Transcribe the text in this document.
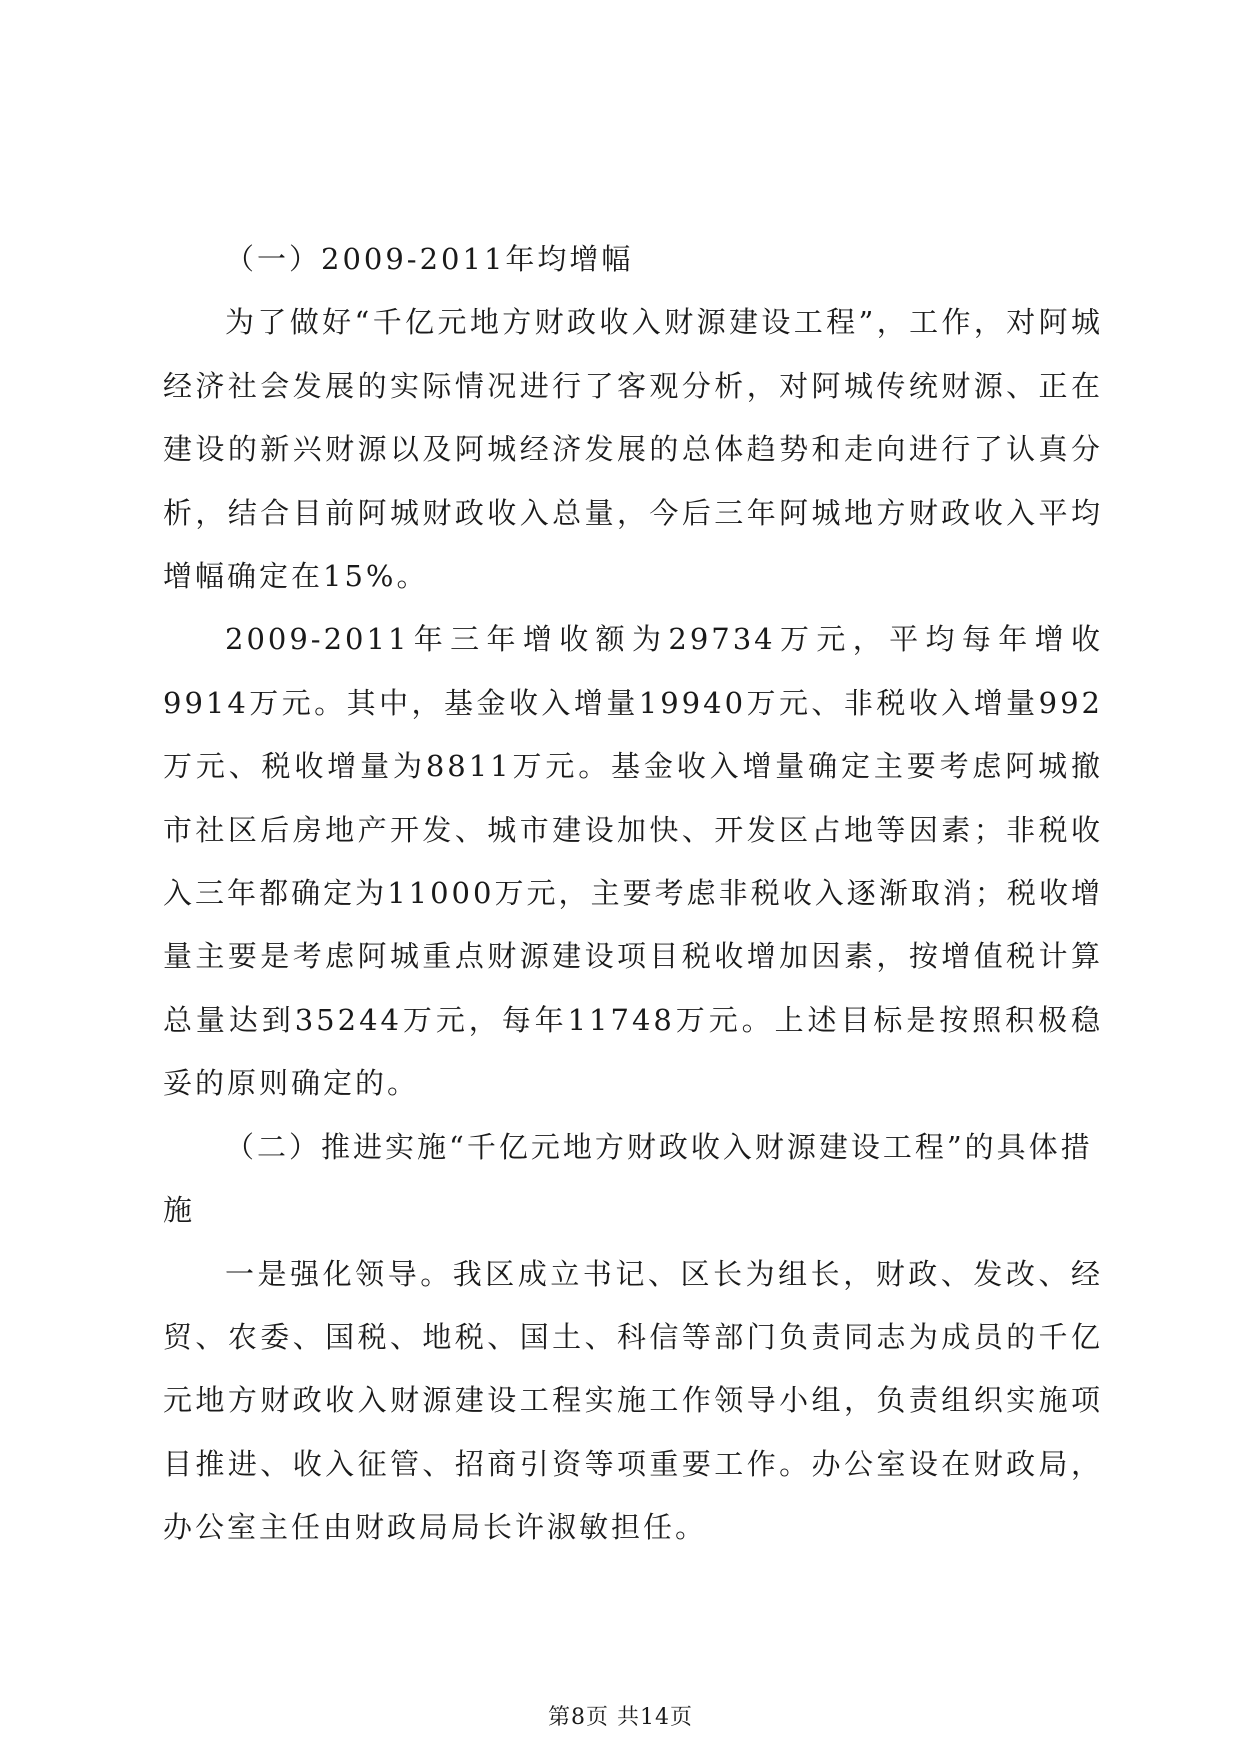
（一）2009-2011年均增幅

为了做好“千亿元地方财政收入财源建设工程”，工作，对阿城经济社会发展的实际情况进行了客观分析，对阿城传统财源、正在建设的新兴财源以及阿城经济发展的总体趋势和走向进行了认真分析，结合目前阿城财政收入总量，今后三年阿城地方财政收入平均增幅确定在15%。

2009-2011年三年增收额为29734万元，平均每年增收9914万元。其中，基金收入增量19940万元、非税收入增量992万元、税收增量为8811万元。基金收入增量确定主要考虑阿城撤市社区后房地产开发、城市建设加快、开发区占地等因素；非税收入三年都确定为11000万元，主要考虑非税收入逐渐取消；税收增量主要是考虑阿城重点财源建设项目税收增加因素，按增值税计算总量达到35244万元，每年11748万元。上述目标是按照积极稳妥的原则确定的。

（二）推进实施“千亿元地方财政收入财源建设工程”的具体措施

一是强化领导。我区成立书记、区长为组长，财政、发改、经贸、农委、国税、地税、国土、科信等部门负责同志为成员的千亿元地方财政收入财源建设工程实施工作领导小组，负责组织实施项目推进、收入征管、招商引资等项重要工作。办公室设在财政局，办公室主任由财政局局长许淑敏担任。

第8页 共14页
